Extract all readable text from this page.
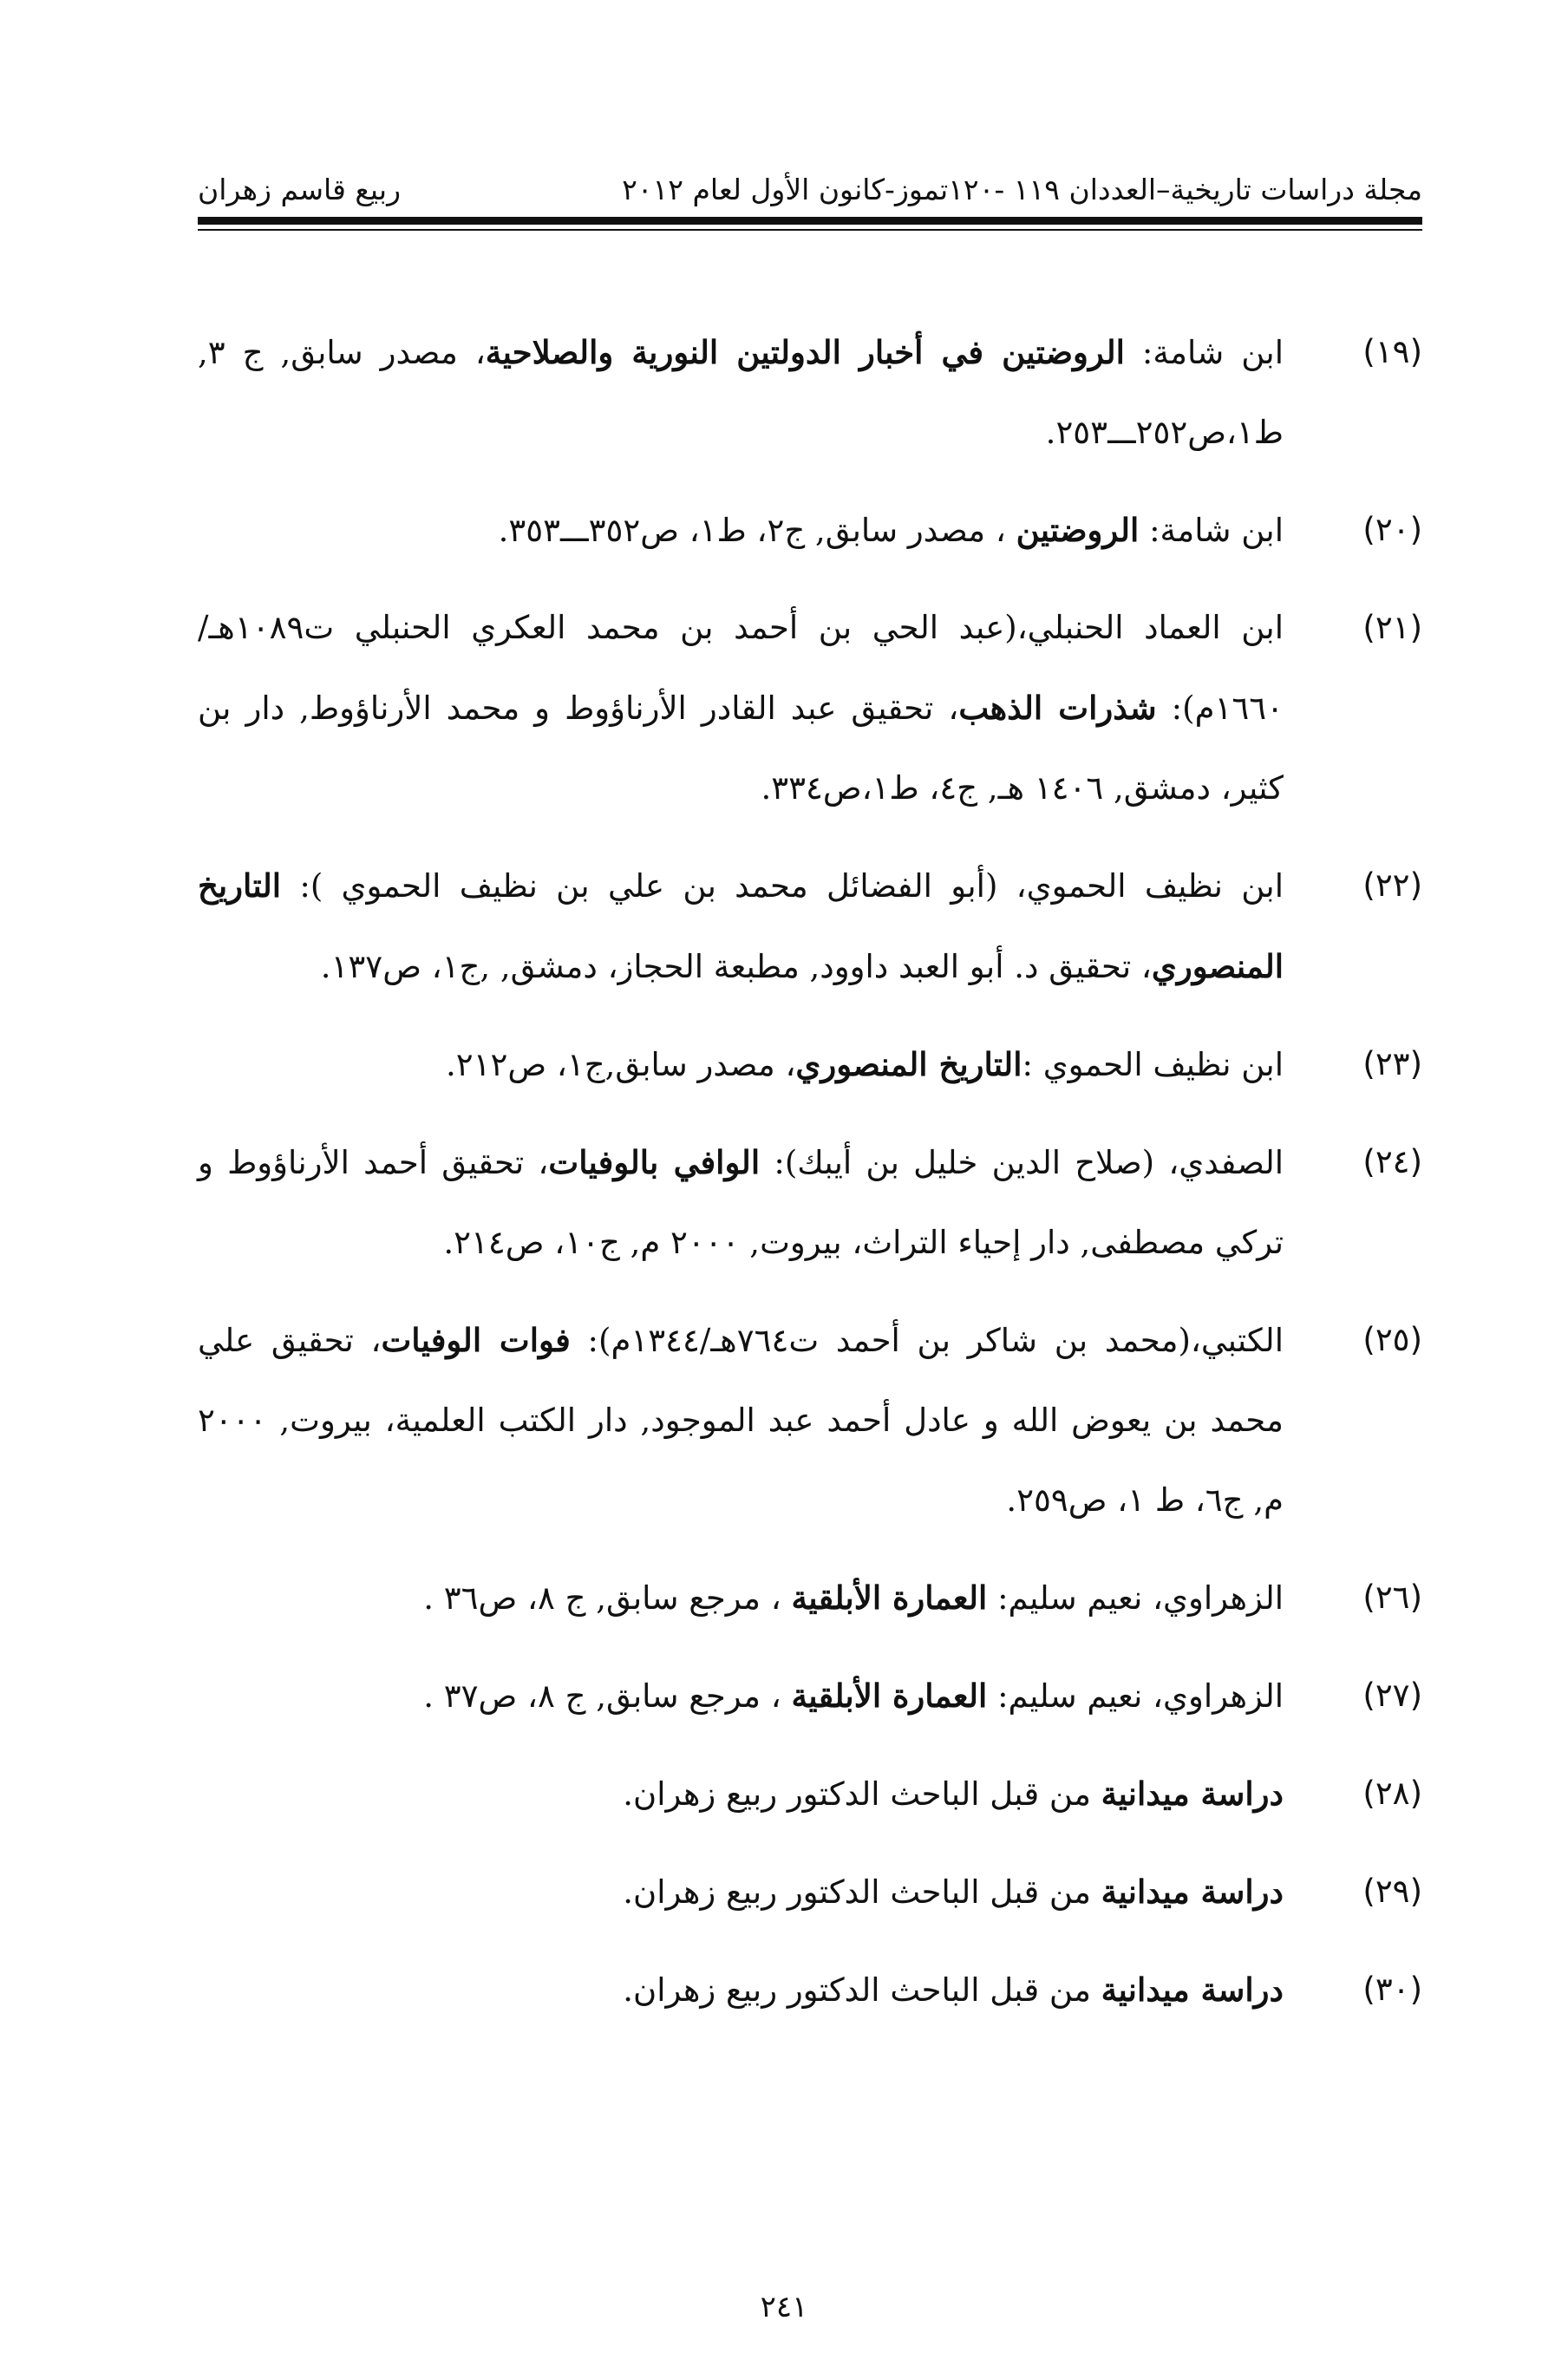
مجلة دراسات تاريخية–العددان ١١٩ -١٢٠تموز-كانون الأول لعام ٢٠١٢
ربيع قاسم زهران
(١٩)
ابن شامة: الروضتين في أخبار الدولتين النورية والصلاحية، مصدر سابق, ج ٣, ط١،ص٢٥٢ـــ٢٥٣.
(٢٠)
ابن شامة: الروضتين ، مصدر سابق, ج٢، ط١، ص٣٥٢ـــ٣٥٣.
(٢١)
ابن العماد الحنبلي،(عبد الحي بن أحمد بن محمد العكري الحنبلي ت١٠٨٩هـ/١٦٦٠م): شذرات الذهب، تحقيق عبد القادر الأرناؤوط و محمد الأرناؤوط, دار بن كثير، دمشق, ١٤٠٦ هـ, ج٤، ط١،ص٣٣٤.
(٢٢)
ابن نظيف الحموي، (أبو الفضائل محمد بن علي بن نظيف الحموي ): التاريخ المنصوري، تحقيق د. أبو العبد داوود, مطبعة الحجاز، دمشق, ,ج١، ص١٣٧.
(٢٣)
ابن نظيف الحموي :التاريخ المنصوري، مصدر سابق,ج١، ص٢١٢.
(٢٤)
الصفدي، (صلاح الدين خليل بن أيبك): الوافي بالوفيات، تحقيق أحمد الأرناؤوط و تركي مصطفى, دار إحياء التراث، بيروت, ٢٠٠٠ م, ج١٠، ص٢١٤.
(٢٥)
الكتبي،(محمد بن شاكر بن أحمد ت٧٦٤هـ/١٣٤٤م): فوات الوفيات، تحقيق علي محمد بن يعوض الله و عادل أحمد عبد الموجود, دار الكتب العلمية، بيروت, ٢٠٠٠ م, ج٦، ط ١، ص٢٥٩.
(٢٦)
الزهراوي، نعيم سليم: العمارة الأبلقية ، مرجع سابق, ج ٨، ص٣٦ .
(٢٧)
الزهراوي، نعيم سليم: العمارة الأبلقية ، مرجع سابق, ج ٨، ص٣٧ .
(٢٨)
دراسة ميدانية من قبل الباحث الدكتور ربيع زهران.
(٢٩)
دراسة ميدانية من قبل الباحث الدكتور ربيع زهران.
(٣٠)
دراسة ميدانية من قبل الباحث الدكتور ربيع زهران.
٢٤١
